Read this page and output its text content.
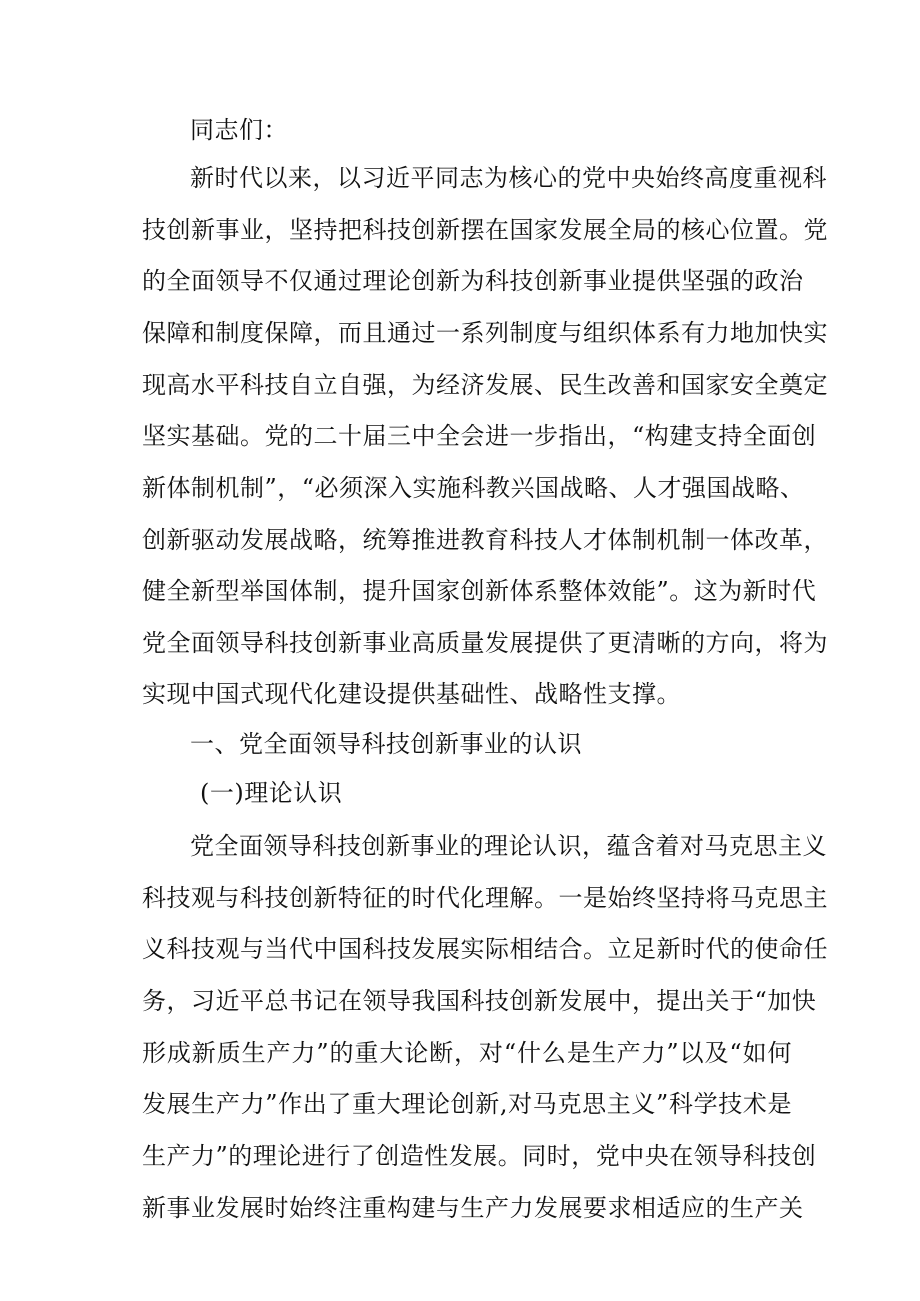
同志们：
新时代以来，以习近平同志为核心的党中央始终高度重视科
技创新事业，坚持把科技创新摆在国家发展全局的核心位置。党
的全面领导不仅通过理论创新为科技创新事业提供坚强的政治
保障和制度保障，而且通过一系列制度与组织体系有力地加快实
现高水平科技自立自强，为经济发展、民生改善和国家安全奠定
坚实基础。党的二十届三中全会进一步指出，“构建支持全面创
新体制机制”，“必须深入实施科教兴国战略、人才强国战略、
创新驱动发展战略，统筹推进教育科技人才体制机制一体改革，
健全新型举国体制，提升国家创新体系整体效能”。这为新时代
党全面领导科技创新事业高质量发展提供了更清晰的方向，将为
实现中国式现代化建设提供基础性、战略性支撑。
一、党全面领导科技创新事业的认识
(一)理论认识
党全面领导科技创新事业的理论认识，蕴含着对马克思主义
科技观与科技创新特征的时代化理解。一是始终坚持将马克思主
义科技观与当代中国科技发展实际相结合。立足新时代的使命任
务，习近平总书记在领导我国科技创新发展中，提出关于“加快
形成新质生产力”的重大论断，对“什么是生产力”以及“如何
发展生产力”作出了重大理论创新,对马克思主义”科学技术是
生产力”的理论进行了创造性发展。同时，党中央在领导科技创
新事业发展时始终注重构建与生产力发展要求相适应的生产关
